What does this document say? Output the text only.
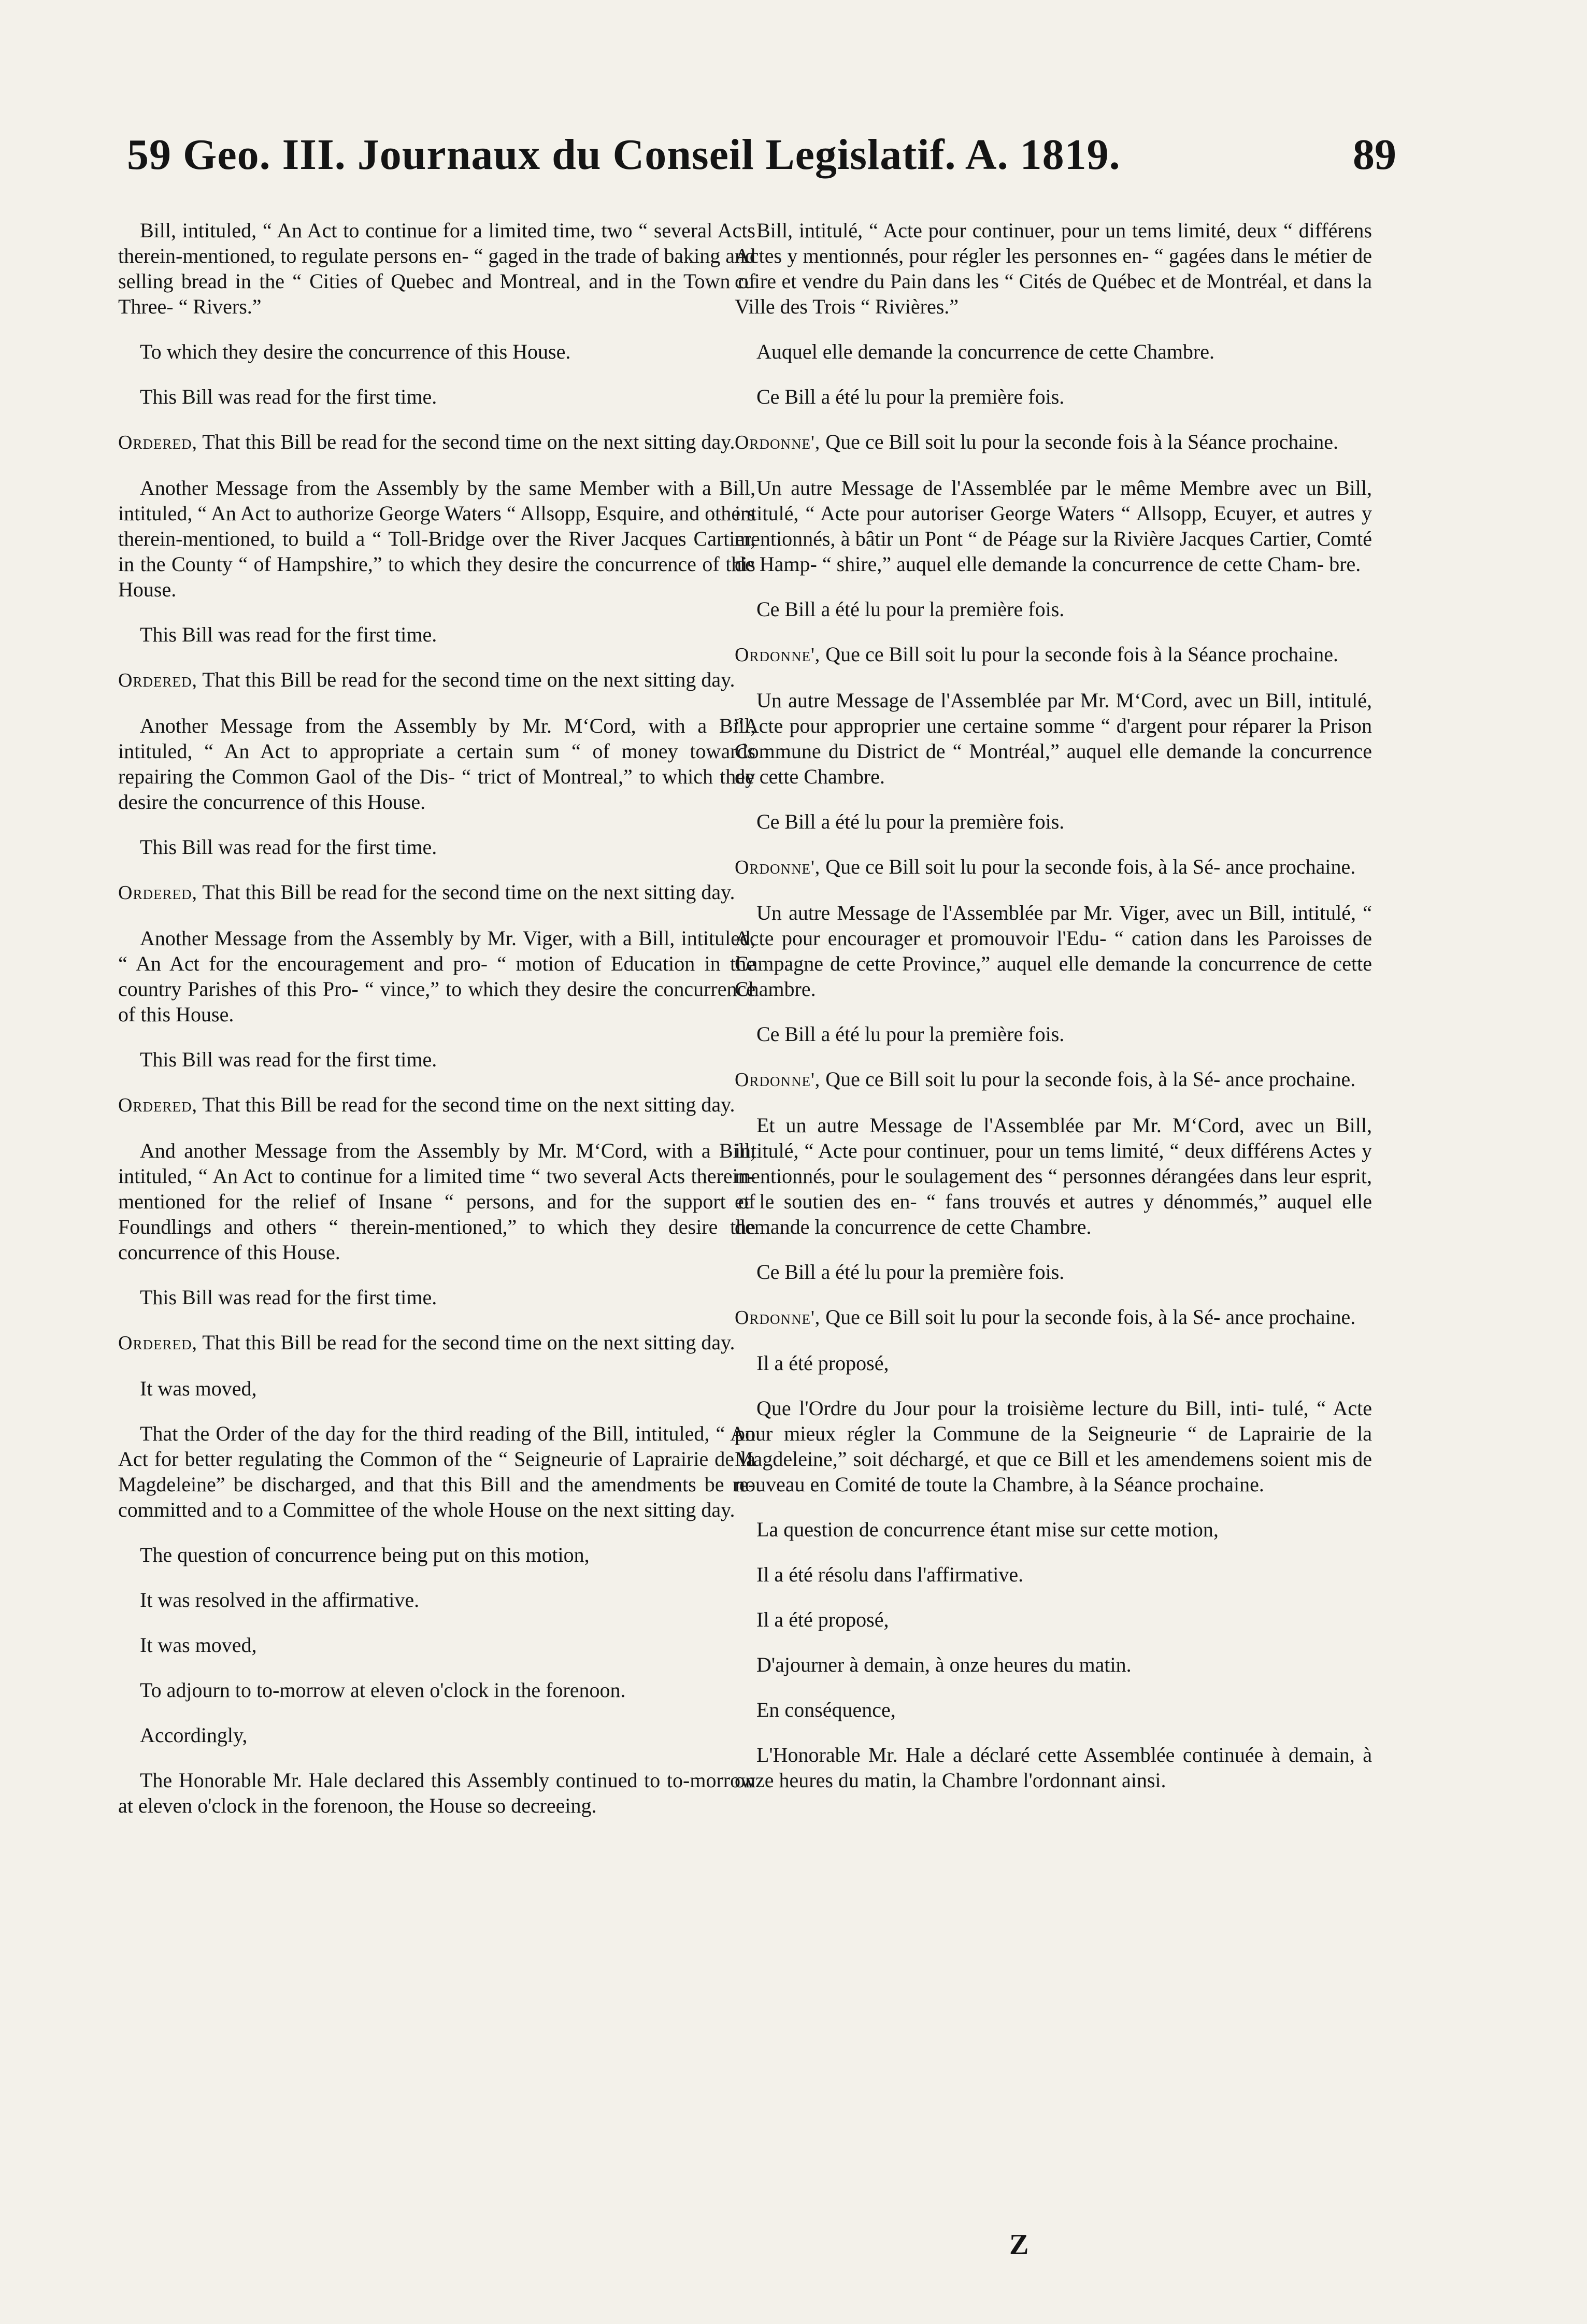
59 Geo. III. Journaux du Conseil Legislatif. A. 1819.	89

Bill, intituled, “ An Act to continue for a limited time, two “ several Acts therein-mentioned, to regulate persons en- “ gaged in the trade of baking and selling bread in the “ Cities of Quebec and Montreal, and in the Town of Three- “ Rivers.”

To which they desire the concurrence of this House.

This Bill was read for the first time.

Ordered, That this Bill be read for the second time on the next sitting day.

Another Message from the Assembly by the same Member with a Bill, intituled, “ An Act to authorize George Waters “ Allsopp, Esquire, and others therein-mentioned, to build a “ Toll-Bridge over the River Jacques Cartier, in the County “ of Hampshire,” to which they desire the concurrence of this House.

This Bill was read for the first time.

Ordered, That this Bill be read for the second time on the next sitting day.

Another Message from the Assembly by Mr. M‘Cord, with a Bill, intituled, “ An Act to appropriate a certain sum “ of money towards repairing the Common Gaol of the Dis- “ trict of Montreal,” to which they desire the concurrence of this House.

This Bill was read for the first time.

Ordered, That this Bill be read for the second time on the next sitting day.

Another Message from the Assembly by Mr. Viger, with a Bill, intituled, “ An Act for the encouragement and pro- “ motion of Education in the country Parishes of this Pro- “ vince,” to which they desire the concurrence of this House.

This Bill was read for the first time.

Ordered, That this Bill be read for the second time on the next sitting day.

And another Message from the Assembly by Mr. M‘Cord, with a Bill, intituled, “ An Act to continue for a limited time “ two several Acts therein-mentioned for the relief of Insane “ persons, and for the support of Foundlings and others “ therein-mentioned,” to which they desire the concurrence of this House.

This Bill was read for the first time.

Ordered, That this Bill be read for the second time on the next sitting day.

It was moved,

That the Order of the day for the third reading of the Bill, intituled, “ An Act for better regulating the Common of the “ Seigneurie of Laprairie de la Magdeleine” be discharged, and that this Bill and the amendments be re-committed and to a Committee of the whole House on the next sitting day.

The question of concurrence being put on this motion,

It was resolved in the affirmative.

It was moved,

To adjourn to to-morrow at eleven o'clock in the forenoon.

Accordingly,

The Honorable Mr. Hale declared this Assembly continued to to-morrow at eleven o'clock in the forenoon, the House so decreeing.

Bill, intitulé, “ Acte pour continuer, pour un tems limité, deux “ différens Actes y mentionnés, pour régler les personnes en- “ gagées dans le métier de cuire et vendre du Pain dans les “ Cités de Québec et de Montréal, et dans la Ville des Trois “ Rivières.”

Auquel elle demande la concurrence de cette Chambre.

Ce Bill a été lu pour la première fois.

Ordonne', Que ce Bill soit lu pour la seconde fois à la Séance prochaine.

Un autre Message de l'Assemblée par le même Membre avec un Bill, intitulé, “ Acte pour autoriser George Waters “ Allsopp, Ecuyer, et autres y mentionnés, à bâtir un Pont “ de Péage sur la Rivière Jacques Cartier, Comté de Hamp- “ shire,” auquel elle demande la concurrence de cette Cham- bre.

Ce Bill a été lu pour la première fois.

Ordonne', Que ce Bill soit lu pour la seconde fois à la Séance prochaine.

Un autre Message de l'Assemblée par Mr. M‘Cord, avec un Bill, intitulé, “Acte pour approprier une certaine somme “ d'argent pour réparer la Prison Commune du District de “ Montréal,” auquel elle demande la concurrence de cette Chambre.

Ce Bill a été lu pour la première fois.

Ordonne', Que ce Bill soit lu pour la seconde fois, à la Sé- ance prochaine.

Un autre Message de l'Assemblée par Mr. Viger, avec un Bill, intitulé, “ Acte pour encourager et promouvoir l'Edu- “ cation dans les Paroisses de Campagne de cette Province,” auquel elle demande la concurrence de cette Chambre.

Ce Bill a été lu pour la première fois.

Ordonne', Que ce Bill soit lu pour la seconde fois, à la Sé- ance prochaine.

Et un autre Message de l'Assemblée par Mr. M‘Cord, avec un Bill, intitulé, “ Acte pour continuer, pour un tems limité, “ deux différens Actes y mentionnés, pour le soulagement des “ personnes dérangées dans leur esprit, et le soutien des en- “ fans trouvés et autres y dénommés,” auquel elle demande la concurrence de cette Chambre.

Ce Bill a été lu pour la première fois.

Ordonne', Que ce Bill soit lu pour la seconde fois, à la Sé- ance prochaine.

Il a été proposé,

Que l'Ordre du Jour pour la troisième lecture du Bill, inti- tulé, “ Acte pour mieux régler la Commune de la Seigneurie “ de Laprairie de la Magdeleine,” soit déchargé, et que ce Bill et les amendemens soient mis de nouveau en Comité de toute la Chambre, à la Séance prochaine.

La question de concurrence étant mise sur cette motion,

Il a été résolu dans l'affirmative.

Il a été proposé,

D'ajourner à demain, à onze heures du matin.

En conséquence,

L'Honorable Mr. Hale a déclaré cette Assemblée continuée à demain, à onze heures du matin, la Chambre l'ordonnant ainsi.

Z
